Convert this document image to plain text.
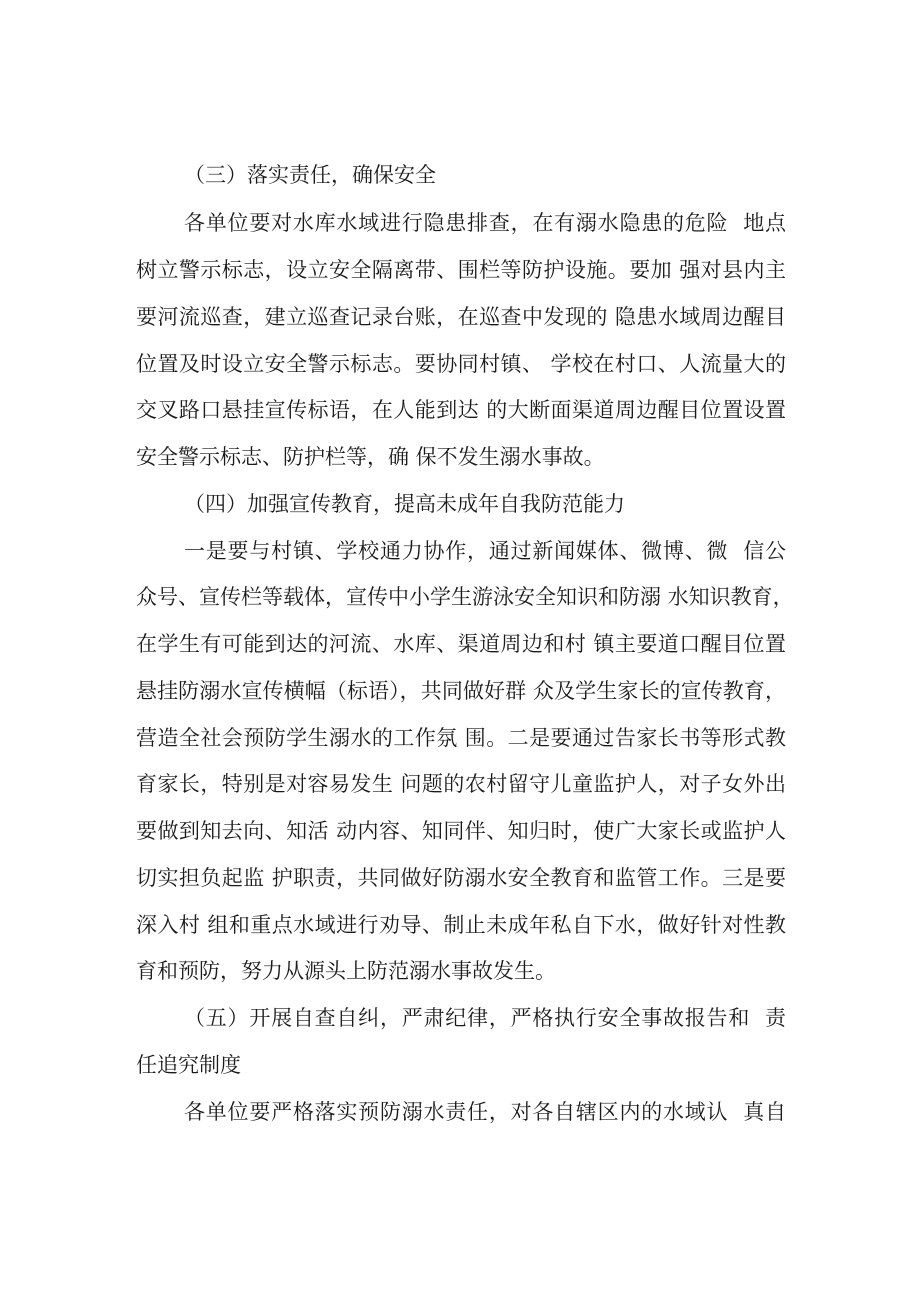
（三）落实责任，确保安全
各单位要对水库水域进行隐患排查，在有溺水隐患的危险  地点
树立警示标志，设立安全隔离带、围栏等防护设施。要加 强对县内主
要河流巡查，建立巡查记录台账，在巡查中发现的 隐患水域周边醒目
位置及时设立安全警示标志。要协同村镇、 学校在村口、人流量大的
交叉路口悬挂宣传标语，在人能到达 的大断面渠道周边醒目位置设置
安全警示标志、防护栏等，确 保不发生溺水事故。
（四）加强宣传教育，提高未成年自我防范能力
一是要与村镇、学校通力协作，通过新闻媒体、微博、微  信公
众号、宣传栏等载体，宣传中小学生游泳安全知识和防溺 水知识教育，
在学生有可能到达的河流、水库、渠道周边和村 镇主要道口醒目位置
悬挂防溺水宣传横幅（标语），共同做好群 众及学生家长的宣传教育，
营造全社会预防学生溺水的工作氛 围。二是要通过告家长书等形式教
育家长，特别是对容易发生 问题的农村留守儿童监护人，对子女外出
要做到知去向、知活 动内容、知同伴、知归时，使广大家长或监护人
切实担负起监 护职责，共同做好防溺水安全教育和监管工作。三是要
深入村 组和重点水域进行劝导、制止未成年私自下水，做好针对性教
育和预防，努力从源头上防范溺水事故发生。
（五）开展自查自纠，严肃纪律，严格执行安全事故报告和  责
任追究制度
各单位要严格落实预防溺水责任，对各自辖区内的水域认  真自
